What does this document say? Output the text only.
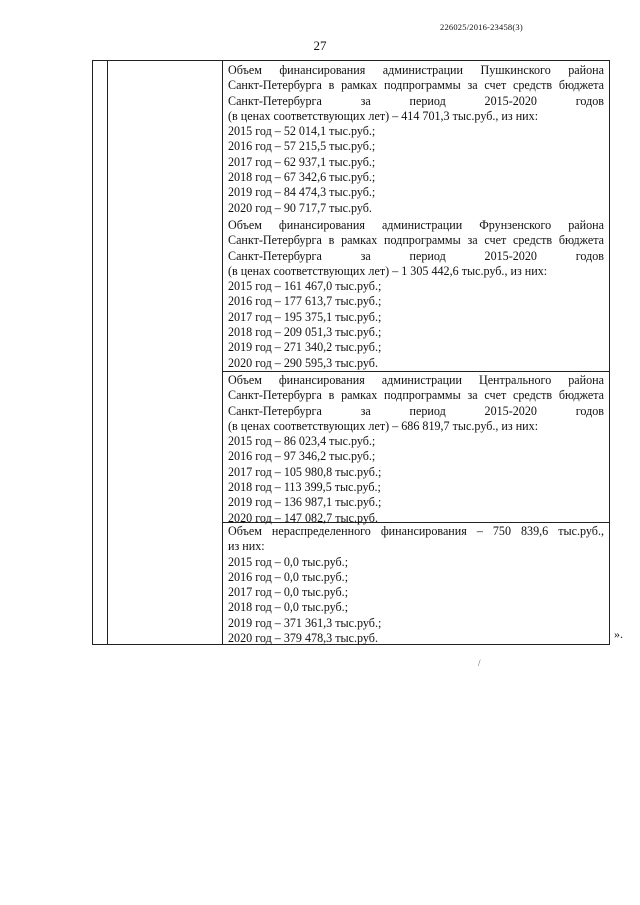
226025/2016-23458(3)
27

Объем финансирования администрации Пушкинского района

Санкт-Петербурга в рамках подпрограммы за счет средств бюджета

Санкт-Петербурга за период 2015-2020 годов

(в ценах соответствующих лет) – 414 701,3 тыс.руб., из них:

2015 год – 52 014,1 тыс.руб.;
2016 год – 57 215,5 тыс.руб.;
2017 год – 62 937,1 тыс.руб.;
2018 год – 67 342,6 тыс.руб.;
2019 год – 84 474,3 тыс.руб.;
2020 год – 90 717,7 тыс.руб.

Объем финансирования администрации Фрунзенского района

Санкт-Петербурга в рамках подпрограммы за счет средств бюджета

Санкт-Петербурга за период 2015-2020 годов

(в ценах соответствующих лет) – 1 305 442,6 тыс.руб., из них:

2015 год – 161 467,0 тыс.руб.;
2016 год – 177 613,7 тыс.руб.;
2017 год – 195 375,1 тыс.руб.;
2018 год – 209 051,3 тыс.руб.;
2019 год – 271 340,2 тыс.руб.;
2020 год – 290 595,3 тыс.руб.

Объем финансирования администрации Центрального района

Санкт-Петербурга в рамках подпрограммы за счет средств бюджета

Санкт-Петербурга за период 2015-2020 годов

(в ценах соответствующих лет) – 686 819,7 тыс.руб., из них:

2015 год – 86 023,4 тыс.руб.;
2016 год – 97 346,2 тыс.руб.;
2017 год – 105 980,8 тыс.руб.;
2018 год – 113 399,5 тыс.руб.;
2019 год – 136 987,1 тыс.руб.;
2020 год – 147 082,7 тыс.руб.

Объем нераспределенного финансирования – 750 839,6 тыс.руб.,

из них:

2015 год – 0,0 тыс.руб.;
2016 год – 0,0 тыс.руб.;
2017 год – 0,0 тыс.руб.;
2018 год – 0,0 тыс.руб.;
2019 год – 371 361,3 тыс.руб.;
2020 год – 379 478,3 тыс.руб.	».
/
